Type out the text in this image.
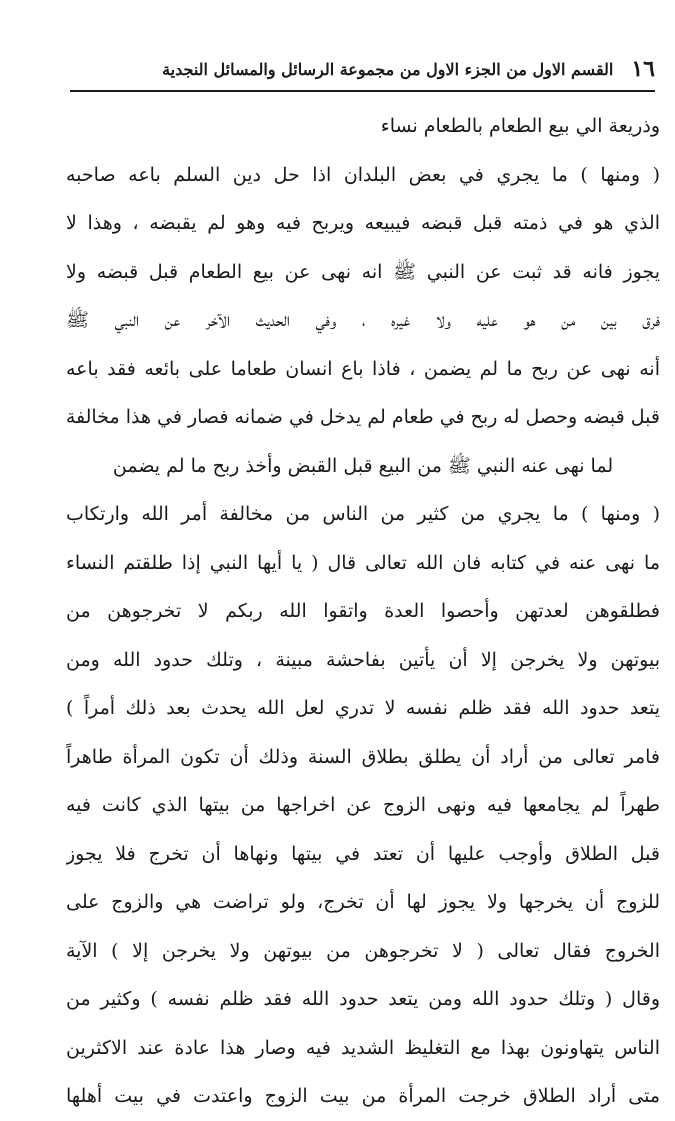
١٦
القسم الاول من الجزء الاول من مجموعة الرسائل والمسائل النجدية
وذريعة الي بيع الطعام بالطعام نساء
( ومنها ) ما يجري في بعض البلدان اذا حل دين السلم باعه صاحبه
الذي هو في ذمته قبل قبضه فيبيعه ويربح فيه وهو لم يقبضه ، وهذا لا
يجوز فانه قد ثبت عن النبي ﷺ انه نهى عن بيع الطعام قبل قبضه ولا
فرق بين من هو عليه ولا غيره ، وفي الحديث الآخر عن النبي ﷺ
أنه نهى عن ربح ما لم يضمن ، فاذا باع انسان طعاما على بائعه فقد باعه
قبل قبضه وحصل له ربح في طعام لم يدخل في ضمانه فصار في هذا مخالفة
لما نهى عنه النبي ﷺ من البيع قبل القبض وأخذ ربح ما لم يضمن
( ومنها ) ما يجري من كثير من الناس من مخالفة أمر الله وارتكاب
ما نهى عنه في كتابه فان الله تعالى قال ( يا أيها النبي إذا طلقتم النساء
فطلقوهن لعدتهن وأحصوا العدة واتقوا الله ربكم لا تخرجوهن من
بيوتهن ولا يخرجن إلا أن يأتين بفاحشة مبينة ، وتلك حدود الله ومن
يتعد حدود الله فقد ظلم نفسه لا تدري لعل الله يحدث بعد ذلك أمراً )
فامر تعالى من أراد أن يطلق بطلاق السنة وذلك أن تكون المرأة طاهراً
طهراً لم يجامعها فيه ونهى الزوج عن اخراجها من بيتها الذي كانت فيه
قبل الطلاق وأوجب عليها أن تعتد في بيتها ونهاها أن تخرج فلا يجوز
للزوج أن يخرجها ولا يجوز لها أن تخرج، ولو تراضت هي والزوج على
الخروج فقال تعالى ( لا تخرجوهن من بيوتهن ولا يخرجن إلا ) الآية
وقال ( وتلك حدود الله ومن يتعد حدود الله فقد ظلم نفسه ) وكثير من
الناس يتهاونون بهذا مع التغليظ الشديد فيه وصار هذا عادة عند الاكثرين
متى أراد الطلاق خرجت المرأة من بيت الزوج واعتدت في بيت أهلها
